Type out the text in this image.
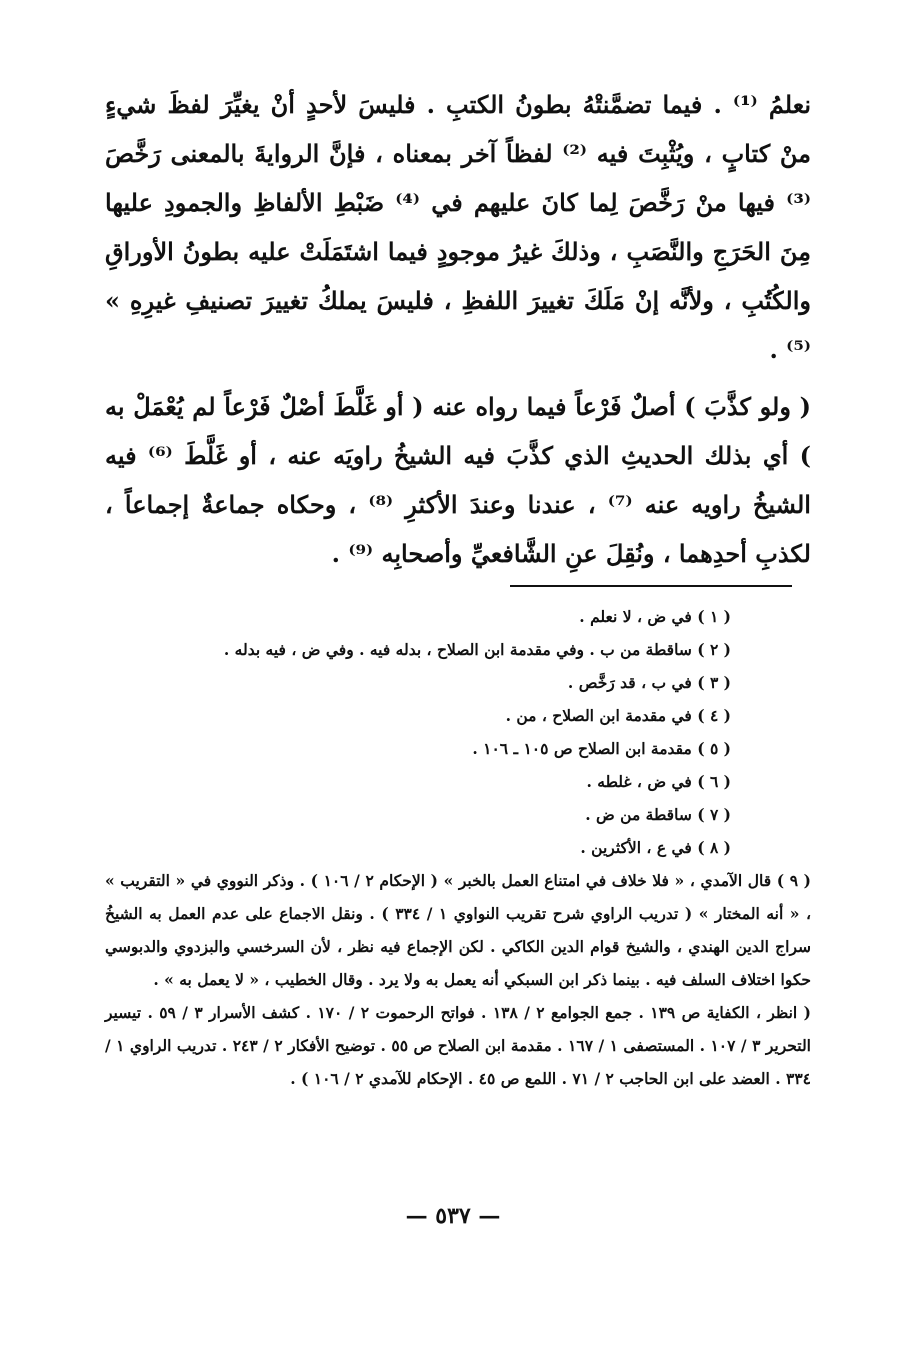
نعلمُ ⁽¹⁾ . فيما تضمَّنتْهُ بطونُ الكتبِ . فليسَ لأحدٍ أنْ يغيِّرَ لفظَ شيءٍ منْ كتابٍ ، ويُثْبِتَ فيه ⁽²⁾ لفظاً آخر بمعناه ، فإنَّ الروايةَ بالمعنى رَخَّصَ ⁽³⁾ فيها منْ رَخَّصَ لِما كانَ عليهم في ⁽⁴⁾ ضَبْطِ الألفاظِ والجمودِ عليها مِنَ الحَرَجِ والنَّصَبِ ، وذلكَ غيرُ موجودٍ فيما اشتَمَلَتْ عليه بطونُ الأوراقِ والكُتُبِ ، ولأنَّه إنْ مَلَكَ تغييرَ اللفظِ ، فليسَ يملكُ تغييرَ تصنيفِ غيرِهِ » ⁽⁵⁾ .

( ولو كذَّبَ ) أصلٌ فَرْعاً فيما رواه عنه ( أو غَلَّطَ أصْلٌ فَرْعاً لم يُعْمَلْ به ) أي بذلك الحديثِ الذي كذَّبَ فيه الشيخُ راويَه عنه ، أو غَلَّطَ ⁽⁶⁾ فيه الشيخُ راويه عنه ⁽⁷⁾ ، عندنا وعندَ الأكثرِ ⁽⁸⁾ ، وحكاه جماعةٌ إجماعاً ، لكذبِ أحدِهما ، ونُقِلَ عنِ الشَّافعيِّ وأصحابِه ⁽⁹⁾ .

( ١ ) في ض ، لا نعلم .

( ٢ ) ساقطة من ب . وفي مقدمة ابن الصلاح ، بدله فيه . وفي ض ، فيه بدله .

( ٣ ) في ب ، قد رَخَّص .

( ٤ ) في مقدمة ابن الصلاح ، من .

( ٥ ) مقدمة ابن الصلاح ص ١٠٥ ـ ١٠٦ .

( ٦ ) في ض ، غلطه .

( ٧ ) ساقطة من ض .

( ٨ ) في ع ، الأكثرين .

( ٩ ) قال الآمدي ، « فلا خلاف في امتناع العمل بالخبر » ( الإحكام ٢ / ١٠٦ ) . وذكر النووي في « التقريب » ، « أنه المختار » ( تدريب الراوي شرح تقريب النواوي ١ / ٣٣٤ ) . ونقل الاجماع على عدم العمل به الشيخُ سراج الدين الهندي ، والشيخ قوام الدين الكاكي . لكن الإجماع فيه نظر ، لأن السرخسي والبزدوي والدبوسي حكوا اختلاف السلف فيه . بينما ذكر ابن السبكي أنه يعمل به ولا يرد . وقال الخطيب ، « لا يعمل به » .

( انظر ، الكفاية ص ١٣٩ . جمع الجوامع ٢ / ١٣٨ . فواتح الرحموت ٢ / ١٧٠ . كشف الأسرار ٣ / ٥٩ . تيسير التحرير ٣ / ١٠٧ . المستصفى ١ / ١٦٧ . مقدمة ابن الصلاح ص ٥٥ . توضيح الأفكار ٢ / ٢٤٣ . تدريب الراوي ١ / ٣٣٤ . العضد على ابن الحاجب ٢ / ٧١ . اللمع ص ٤٥ . الإحكام للآمدي ٢ / ١٠٦ ) .

— ٥٣٧ —
